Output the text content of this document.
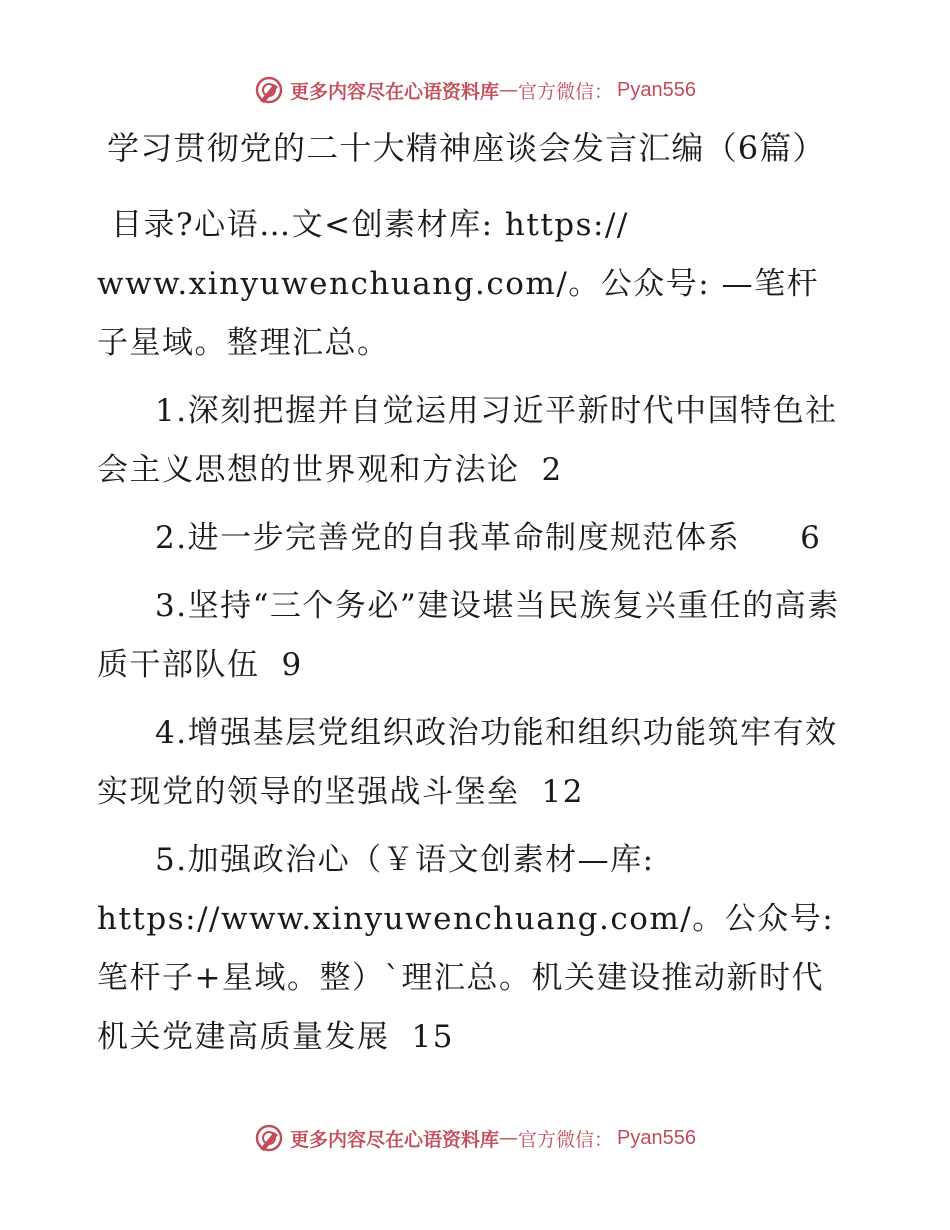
更多内容尽在心语资料库 — 官方微信： Pyan556
学习贯彻党的二十大精神座谈会发言汇编（6篇）

目录?心语…文<创素材库: https://
www.xinyuwenchuang.com/。公众号: —笔杆子星域。整理汇总。

1.深刻把握并自觉运用习近平新时代中国特色社会主义思想的世界观和方法论 2

2.进一步完善党的自我革命制度规范体系 6

3.坚持“三个务必”建设堪当民族复兴重任的高素质干部队伍 9

4.增强基层党组织政治功能和组织功能筑牢有效实现党的领导的坚强战斗堡垒 12

5.加强政治心（￥语文创素材—库: https://www.xinyuwenchuang.com/。公众号: 笔杆子+星域。整）`理汇总。机关建设推动新时代机关党建高质量发展 15

更多内容尽在心语资料库 — 官方微信： Pyan556
